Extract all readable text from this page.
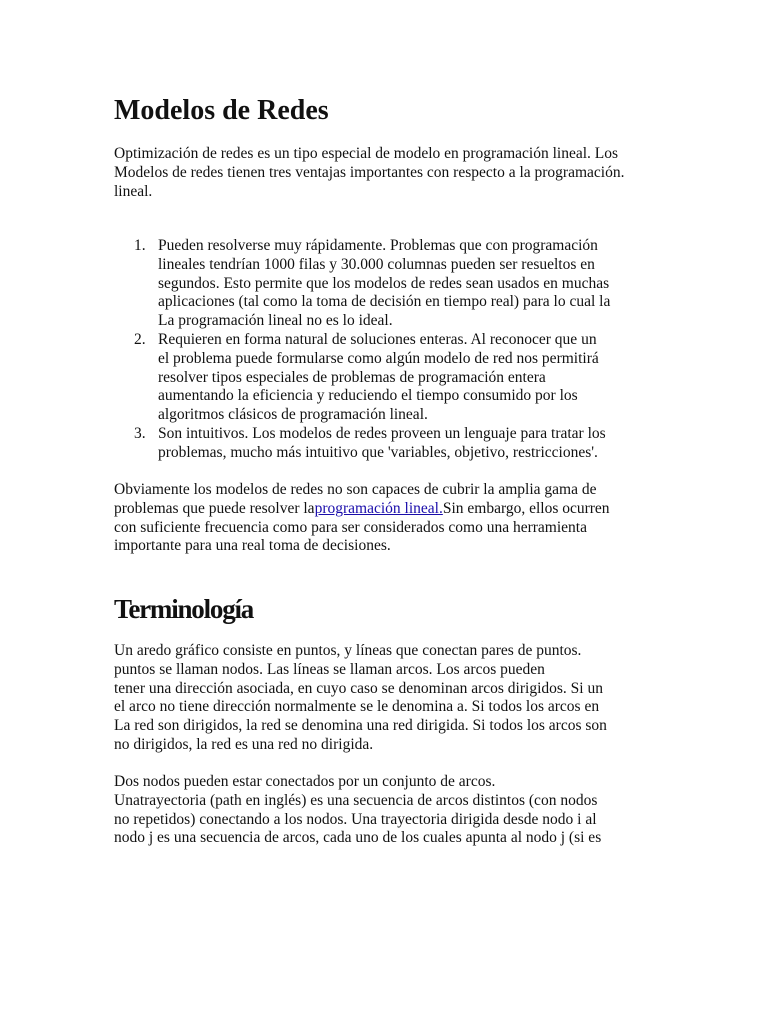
Modelos de Redes
Optimización de redes es un tipo especial de modelo en programación lineal. Los
Modelos de redes tienen tres ventajas importantes con respecto a la programación.
lineal.
1. Pueden resolverse muy rápidamente. Problemas que con programación
lineales tendrían 1000 filas y 30.000 columnas pueden ser resueltos en
segundos. Esto permite que los modelos de redes sean usados en muchas
aplicaciones (tal como la toma de decisión en tiempo real) para lo cual la
La programación lineal no es lo ideal.
2. Requieren en forma natural de soluciones enteras. Al reconocer que un
el problema puede formularse como algún modelo de red nos permitirá
resolver tipos especiales de problemas de programación entera
aumentando la eficiencia y reduciendo el tiempo consumido por los
algoritmos clásicos de programación lineal.
3. Son intuitivos. Los modelos de redes proveen un lenguaje para tratar los
problemas, mucho más intuitivo que 'variables, objetivo, restricciones'.
Obviamente los modelos de redes no son capaces de cubrir la amplia gama de
problemas que puede resolver laprogramación lineal.Sin embargo, ellos ocurren
con suficiente frecuencia como para ser considerados como una herramienta
importante para una real toma de decisiones.
Terminología
Un aredo gráfico consiste en puntos, y líneas que conectan pares de puntos.
puntos se llaman nodos. Las líneas se llaman arcos. Los arcos pueden
tener una dirección asociada, en cuyo caso se denominan arcos dirigidos. Si un
el arco no tiene dirección normalmente se le denomina a. Si todos los arcos en
La red son dirigidos, la red se denomina una red dirigida. Si todos los arcos son
no dirigidos, la red es una red no dirigida.
Dos nodos pueden estar conectados por un conjunto de arcos.
Unatrayectoria (path en inglés) es una secuencia de arcos distintos (con nodos
no repetidos) conectando a los nodos. Una trayectoria dirigida desde nodo i al
nodo j es una secuencia de arcos, cada uno de los cuales apunta al nodo j (si es
